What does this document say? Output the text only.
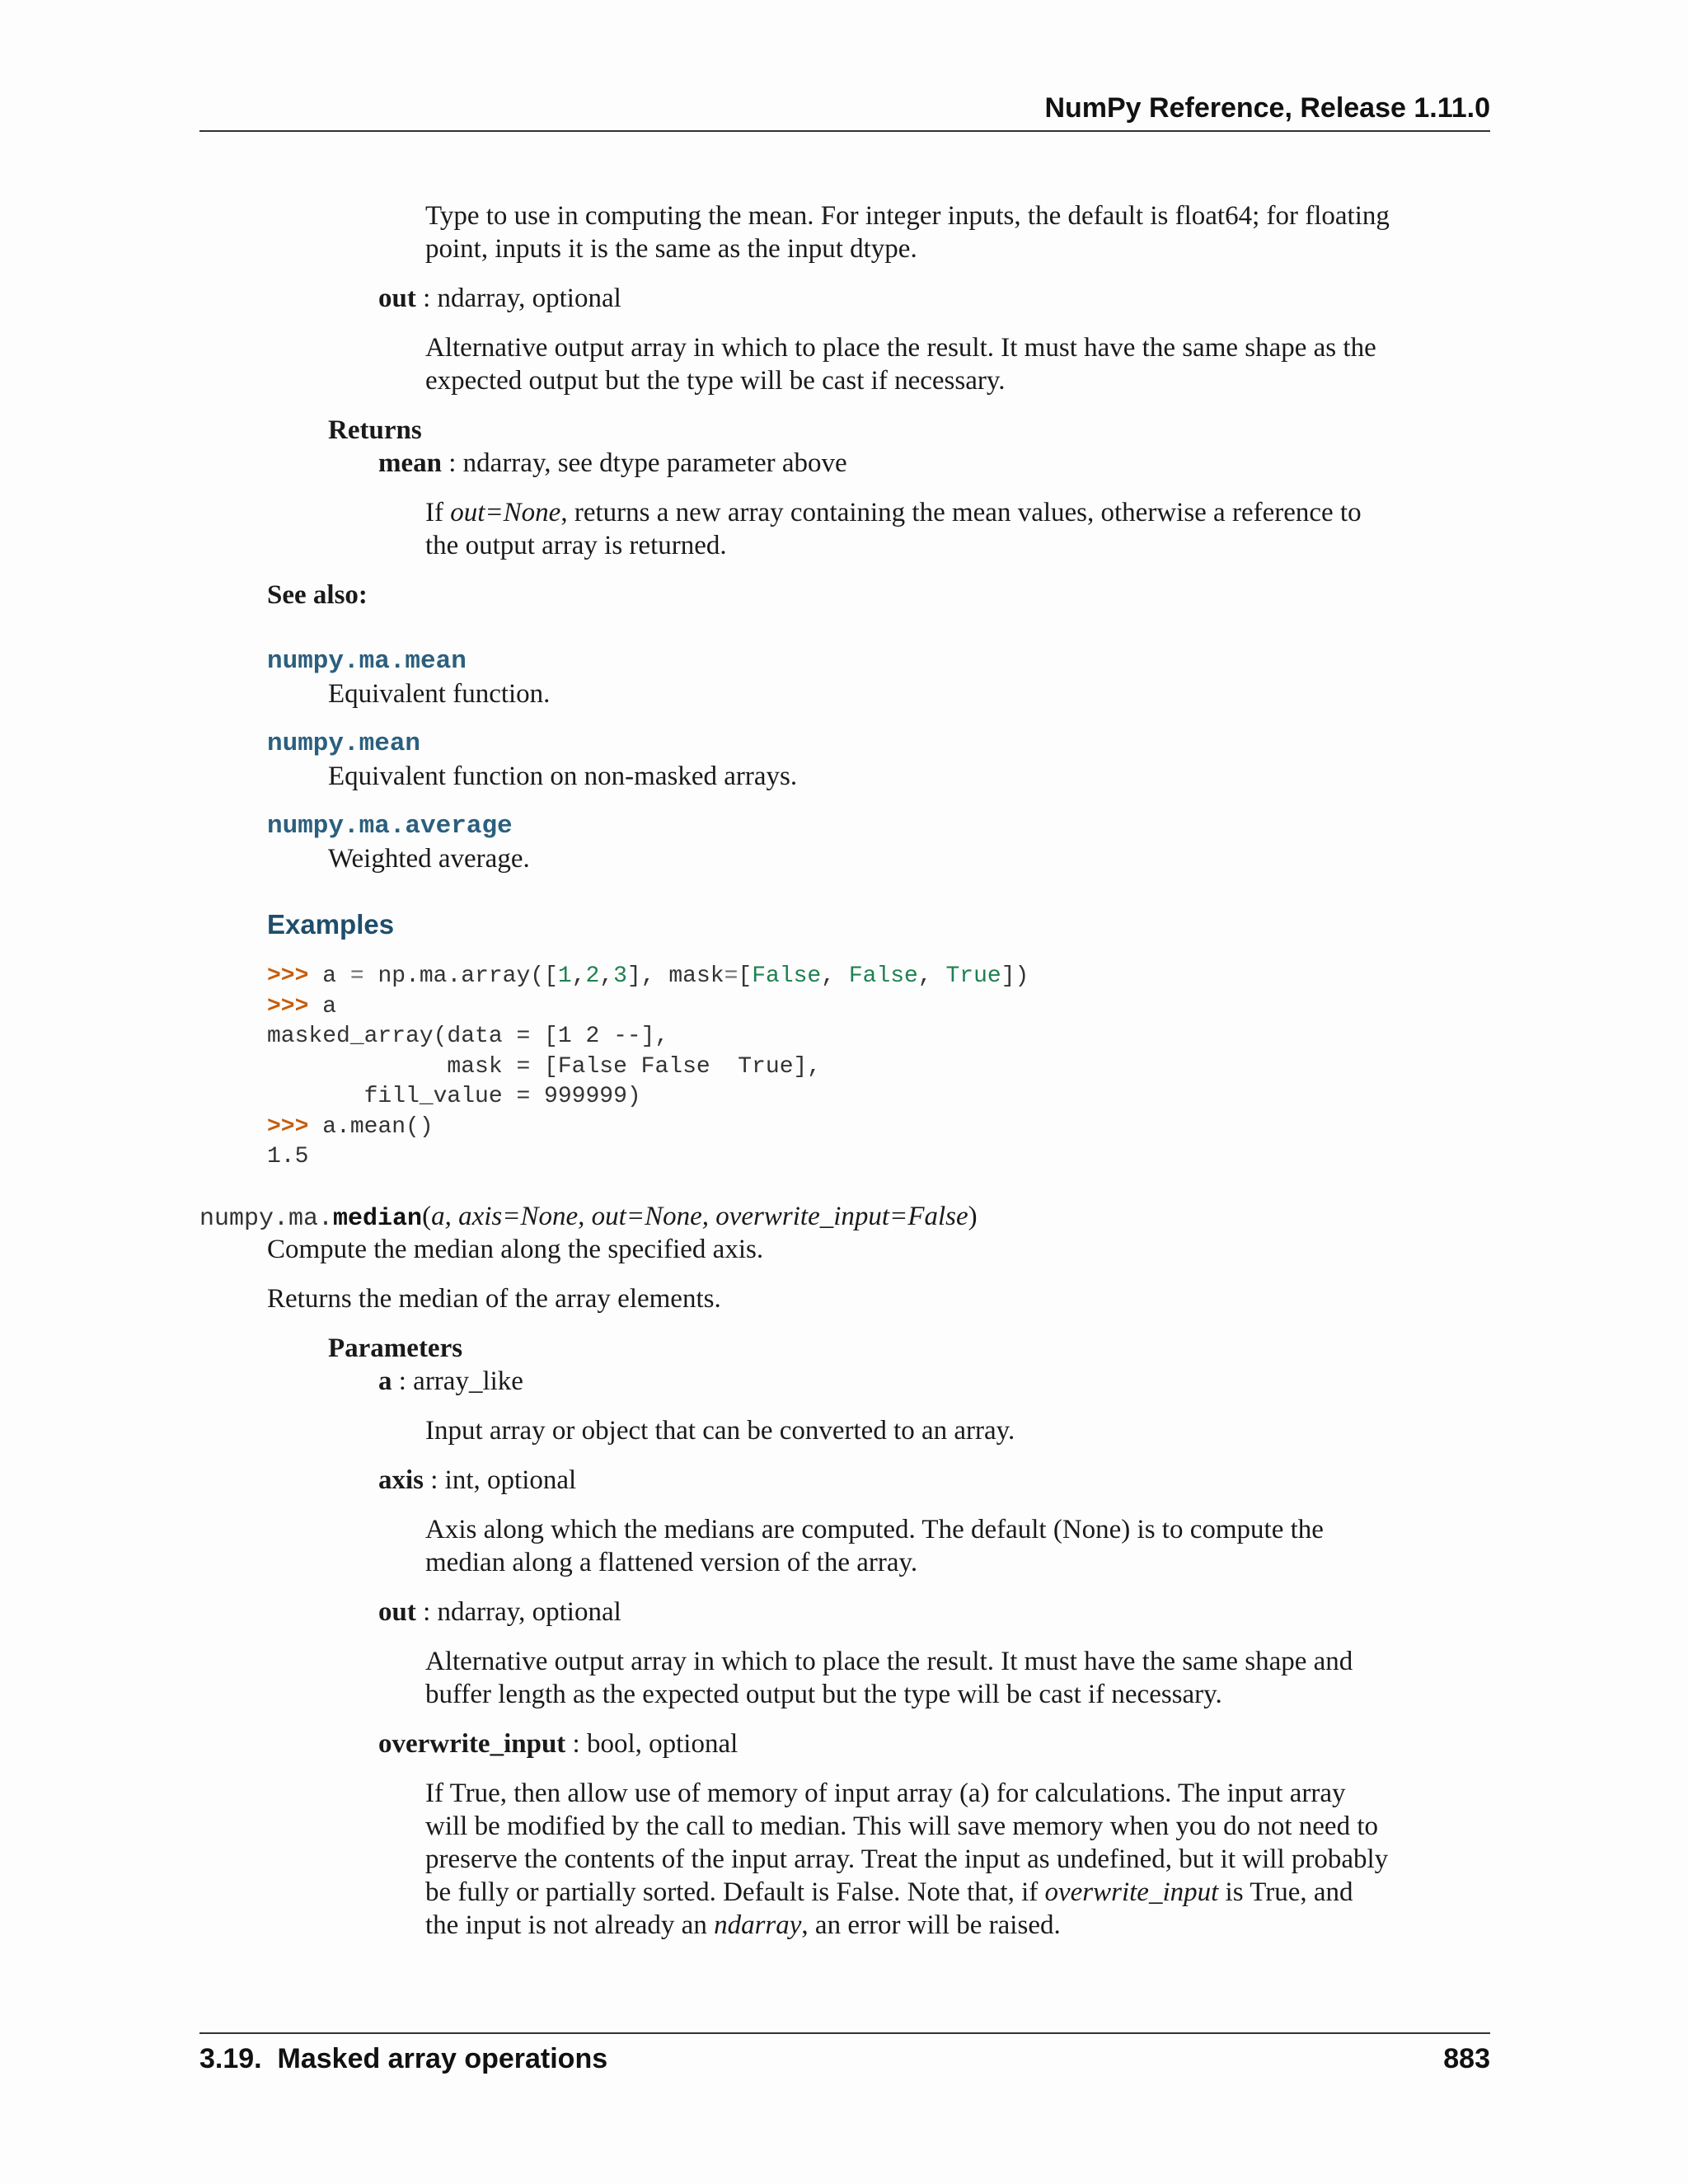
NumPy Reference, Release 1.11.0
Type to use in computing the mean. For integer inputs, the default is float64; for floating
point, inputs it is the same as the input dtype.
out : ndarray, optional
Alternative output array in which to place the result. It must have the same shape as the
expected output but the type will be cast if necessary.
Returns
mean : ndarray, see dtype parameter above
If out=None, returns a new array containing the mean values, otherwise a reference to
the output array is returned.
See also:
numpy.ma.mean
Equivalent function.
numpy.mean
Equivalent function on non-masked arrays.
numpy.ma.average
Weighted average.
Examples
>>> a = np.ma.array([1,2,3], mask=[False, False, True])
>>> a
masked_array(data = [1 2 --],
mask = [False False  True],
fill_value = 999999)
>>> a.mean()
1.5
numpy.ma.median(a, axis=None, out=None, overwrite_input=False)
Compute the median along the specified axis.
Returns the median of the array elements.
Parameters
a : array_like
Input array or object that can be converted to an array.
axis : int, optional
Axis along which the medians are computed. The default (None) is to compute the
median along a flattened version of the array.
out : ndarray, optional
Alternative output array in which to place the result. It must have the same shape and
buffer length as the expected output but the type will be cast if necessary.
overwrite_input : bool, optional
If True, then allow use of memory of input array (a) for calculations. The input array
will be modified by the call to median. This will save memory when you do not need to
preserve the contents of the input array. Treat the input as undefined, but it will probably
be fully or partially sorted. Default is False. Note that, if overwrite_input is True, and
the input is not already an ndarray, an error will be raised.
3.19.  Masked array operations	883
